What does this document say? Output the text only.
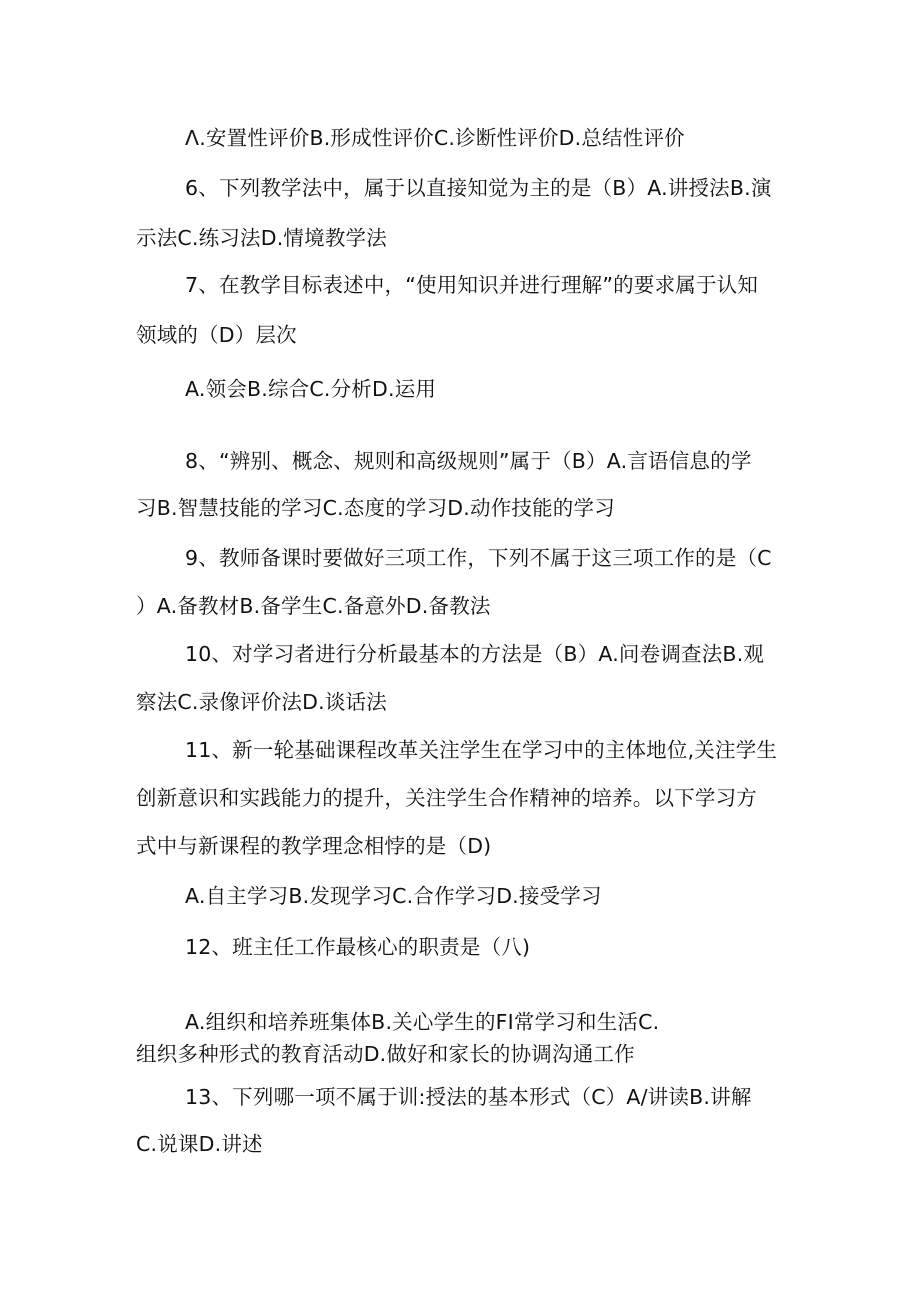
Λ.安置性评价B.形成性评价C.诊断性评价D.总结性评价
6、下列教学法中，属于以直接知觉为主的是（B）A.讲授法B.演
示法C.练习法D.情境教学法
7、在教学目标表述中，“使用知识并进行理解”的要求属于认知
领域的（D）层次
A.领会B.综合C.分析D.运用
8、“辨别、概念、规则和高级规则”属于（B）A.言语信息的学
习B.智慧技能的学习C.态度的学习D.动作技能的学习
9、教师备课时要做好三项工作，下列不属于这三项工作的是（C
）A.备教材B.备学生C.备意外D.备教法
10、对学习者进行分析最基本的方法是（B）A.问卷调查法B.观
察法C.录像评价法D.谈话法
11、新一轮基础课程改革关注学生在学习中的主体地位,关注学生
创新意识和实践能力的提升，关注学生合作精神的培养。以下学习方
式中与新课程的教学理念相悖的是（D)
A.自主学习B.发现学习C.合作学习D.接受学习
12、班主任工作最核心的职责是（八)
A.组织和培养班集体B.关心学生的FI常学习和生活C.
组织多种形式的教育活动D.做好和家长的协调沟通工作
13、下列哪一项不属于训:授法的基本形式（C）A/讲读B.讲解
C.说课D.讲述
